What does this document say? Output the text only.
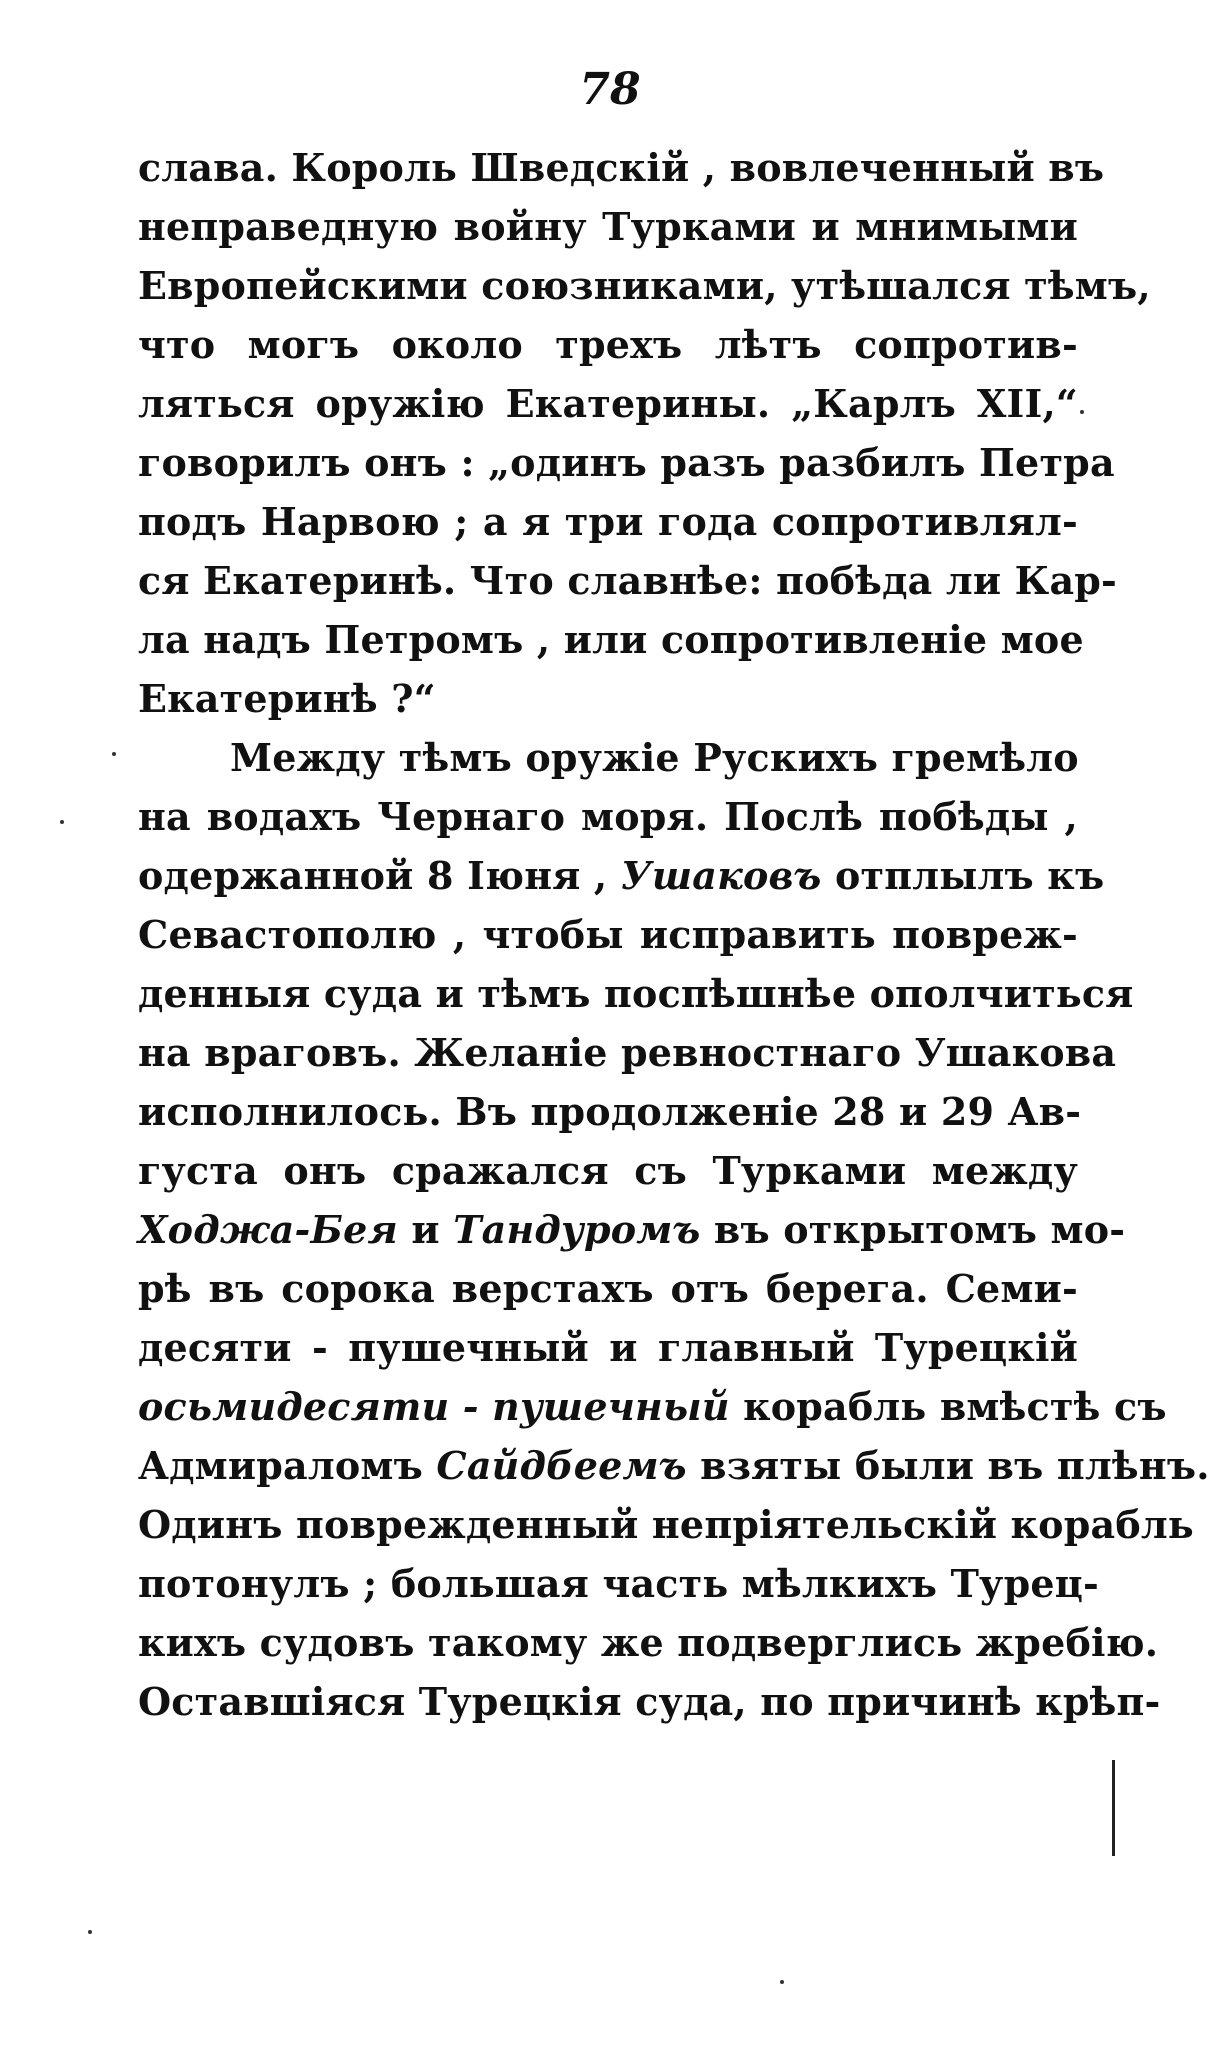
78
слава. Король Шведскій , вовлеченный въ
неправедную войну Турками и мнимыми
Европейскими союзниками, утѣшался тѣмъ,
что могъ около трехъ лѣтъ сопротив-
ляться оружію Екатерины. „Карлъ XII,“
говорилъ онъ : „одинъ разъ разбилъ Петра
подъ Нарвою ; а я три года сопротивлял-
ся Екатеринѣ. Что славнѣе: побѣда ли Кар-
ла надъ Петромъ , или сопротивленіе мое
Екатеринѣ ?“
Между тѣмъ оружіе Рускихъ гремѣло
на водахъ Чернаго моря. Послѣ побѣды ,
одержанной 8 Іюня , Ушаковъ отплылъ къ
Севастополю , чтобы исправить повреж-
денныя суда и тѣмъ поспѣшнѣе ополчиться
на враговъ. Желаніе ревностнаго Ушакова
исполнилось. Въ продолженіе 28 и 29 Ав-
густа онъ сражался съ Турками между
Ходжа-Бея и Тандуромъ въ открытомъ мо-
рѣ въ сорока верстахъ отъ берега. Семи-
десяти - пушечный и главный Турецкій
осьмидесяти - пушечный корабль вмѣстѣ съ
Адмираломъ Сайдбеемъ взяты были въ плѣнъ.
Одинъ поврежденный непріятельскій корабль
потонулъ ; большая часть мѣлкихъ Турец-
кихъ судовъ такому же подверглись жребію.
Оставшіяся Турецкія суда, по причинѣ крѣп-
